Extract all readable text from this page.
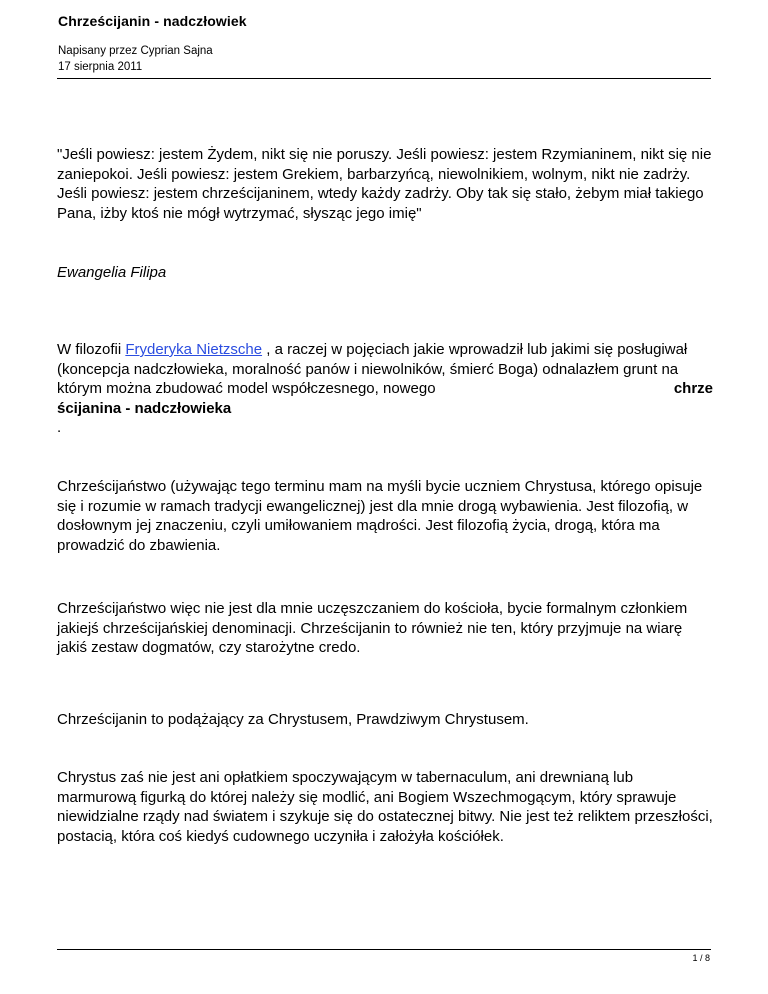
Chrześcijanin - nadczłowiek
Napisany przez Cyprian Sajna
17 sierpnia 2011

"Jeśli powiesz: jestem Żydem, nikt się nie poruszy. Jeśli powiesz: jestem Rzymianinem, nikt się nie zaniepokoi. Jeśli powiesz: jestem Grekiem, barbarzyńcą, niewolnikiem, wolnym, nikt nie zadrży. Jeśli powiesz: jestem chrześcijaninem, wtedy każdy zadrży. Oby tak się stało, żebym miał takiego Pana, iżby ktoś nie mógł wytrzymać, słysząc jego imię"

Ewangelia Filipa

W filozofii Fryderyka Nietzsche , a raczej w pojęciach jakie wprowadził lub jakimi się posługiwał (koncepcja nadczłowieka, moralność panów i niewolników, śmierć Boga) odnalazłem grunt na którym można zbudować model współczesnego, nowego	chrze

ścijanina - nadczłowieka
.

Chrześcijaństwo (używając tego terminu mam na myśli bycie uczniem Chrystusa, którego opisuje się i rozumie w ramach tradycji ewangelicznej) jest dla mnie drogą wybawienia. Jest filozofią, w dosłownym jej znaczeniu, czyli umiłowaniem mądrości. Jest filozofią życia, drogą, która ma prowadzić do zbawienia.

Chrześcijaństwo więc nie jest dla mnie uczęszczaniem do kościoła, bycie formalnym członkiem jakiejś chrześcijańskiej denominacji. Chrześcijanin to również nie ten, który przyjmuje na wiarę jakiś zestaw dogmatów, czy starożytne credo.

Chrześcijanin to podążający za Chrystusem, Prawdziwym Chrystusem.

Chrystus zaś nie jest ani opłatkiem spoczywającym w tabernaculum, ani drewnianą lub marmurową figurką do której należy się modlić, ani Bogiem Wszechmogącym, który sprawuje niewidzialne rządy nad światem i szykuje się do ostatecznej bitwy. Nie jest też reliktem przeszłości, postacią, która coś kiedyś cudownego uczyniła i założyła kościółek.

1 / 8
